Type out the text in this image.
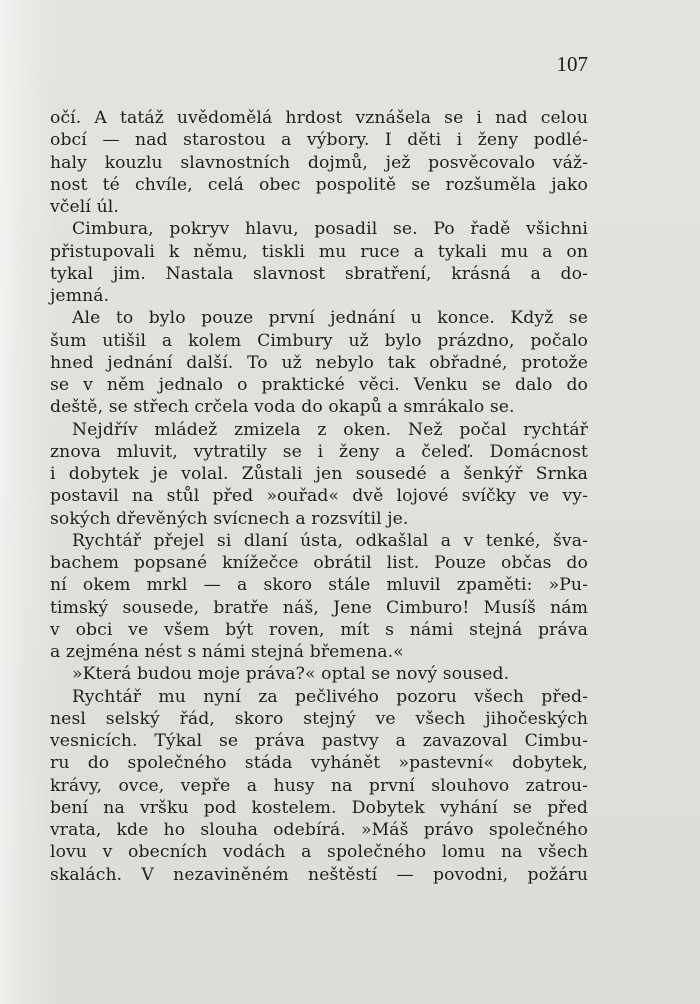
107
očí. A tatáž uvědomělá hrdost vznášela se i nad celou
obcí — nad starostou a výbory. I děti i ženy podlé-
haly kouzlu slavnostních dojmů, jež posvěcovalo váž-
nost té chvíle, celá obec pospolitě se rozšuměla jako
včelí úl.
Cimbura, pokryv hlavu, posadil se. Po řadě všichni
přistupovali k němu, tiskli mu ruce a tykali mu a on
tykal jim. Nastala slavnost sbratření, krásná a do-
jemná.
Ale to bylo pouze první jednání u konce. Když se
šum utišil a kolem Cimbury už bylo prázdno, počalo
hned jednání další. To už nebylo tak obřadné, protože
se v něm jednalo o praktické věci. Venku se dalo do
deště, se střech crčela voda do okapů a smrákalo se.
Nejdřív mládež zmizela z oken. Než počal rychtář
znova mluvit, vytratily se i ženy a čeleď. Domácnost
i dobytek je volal. Zůstali jen sousedé a šenkýř Srnka
postavil na stůl před »ouřad« dvě lojové svíčky ve vy-
sokých dřevěných svícnech a rozsvítil je.
Rychtář přejel si dlaní ústa, odkašlal a v tenké, šva-
bachem popsané knížečce obrátil list. Pouze občas do
ní okem mrkl — a skoro stále mluvil zpaměti: »Pu-
timský sousede, bratře náš, Jene Cimburo! Musíš nám
v obci ve všem být roven, mít s námi stejná práva
a zejména nést s námi stejná břemena.«
»Která budou moje práva?« optal se nový soused.
Rychtář mu nyní za pečlivého pozoru všech před-
nesl selský řád, skoro stejný ve všech jihočeských
vesnicích. Týkal se práva pastvy a zavazoval Cimbu-
ru do společného stáda vyhánět »pastevní« dobytek,
krávy, ovce, vepře a husy na první slouhovo zatrou-
bení na vršku pod kostelem. Dobytek vyhání se před
vrata, kde ho slouha odebírá. »Máš právo společného
lovu v obecních vodách a společného lomu na všech
skalách. V nezaviněném neštěstí — povodni, požáru
